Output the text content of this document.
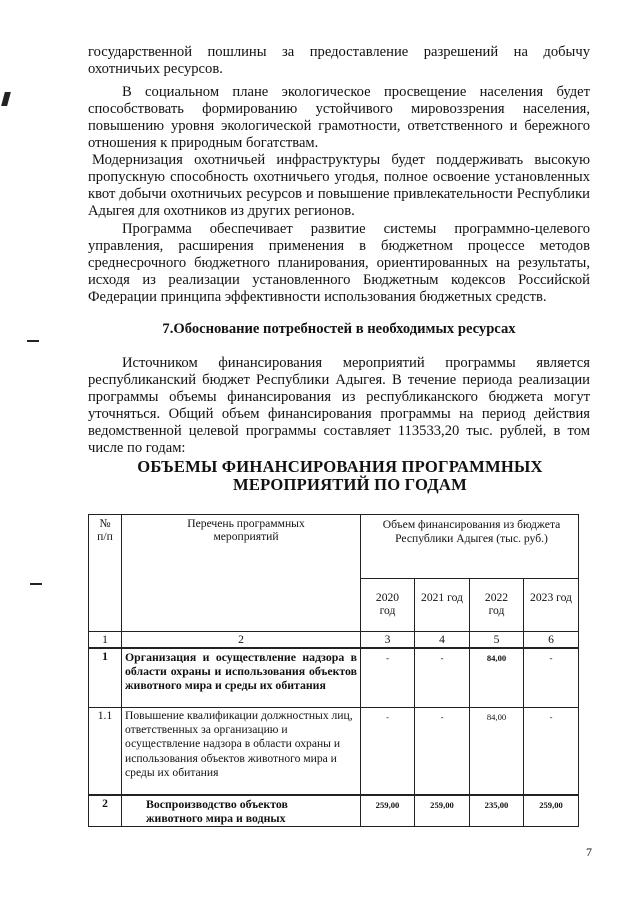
государственной пошлины за предоставление разрешений на добычу охотничьих ресурсов.

В социальном плане экологическое просвещение населения будет способствовать формированию устойчивого мировоззрения населения, повышению уровня экологической грамотности, ответственного и бережного отношения к природным богатствам.

Модернизация охотничьей инфраструктуры будет поддерживать высокую пропускную способность охотничьего угодья, полное освоение установленных квот добычи охотничьих ресурсов и повышение привлекательности Республики Адыгея для охотников из других регионов.

Программа обеспечивает развитие системы программно-целевого управления, расширения применения в бюджетном процессе методов среднесрочного бюджетного планирования, ориентированных на результаты, исходя из реализации установленного Бюджетным кодексов Российской Федерации принципа эффективности использования бюджетных средств.

7.Обоснование потребностей в необходимых ресурсах

Источником финансирования мероприятий программы является республиканский бюджет Республики Адыгея. В течение периода реализации программы объемы финансирования из республиканского бюджета могут уточняться. Общий объем финансирования программы на период действия ведомственной целевой программы составляет 113533,20 тыс. рублей, в том числе по годам:

ОБЪЕМЫ ФИНАНСИРОВАНИЯ ПРОГРАММНЫХ
МЕРОПРИЯТИЙ ПО ГОДАМ
№ п/п	Перечень программных мероприятий	Объем финансирования из бюджета Республики Адыгея (тыс. руб.)			
		2020 год	2021 год	2022 год	2023 год
1	2	3	4	5	6
1	Организация и осуществление надзора в области охраны и использования объектов животного мира и среды их обитания	-	-	84,00	-
1.1	Повышение квалификации должностных лиц, ответственных за организацию и осуществление надзора в области охраны и использования объектов животного мира и среды их обитания	-	-	84,00	-
2	Воспроизводство объектов животного мира и водных	259,00	259,00	235,00	259,00
7
